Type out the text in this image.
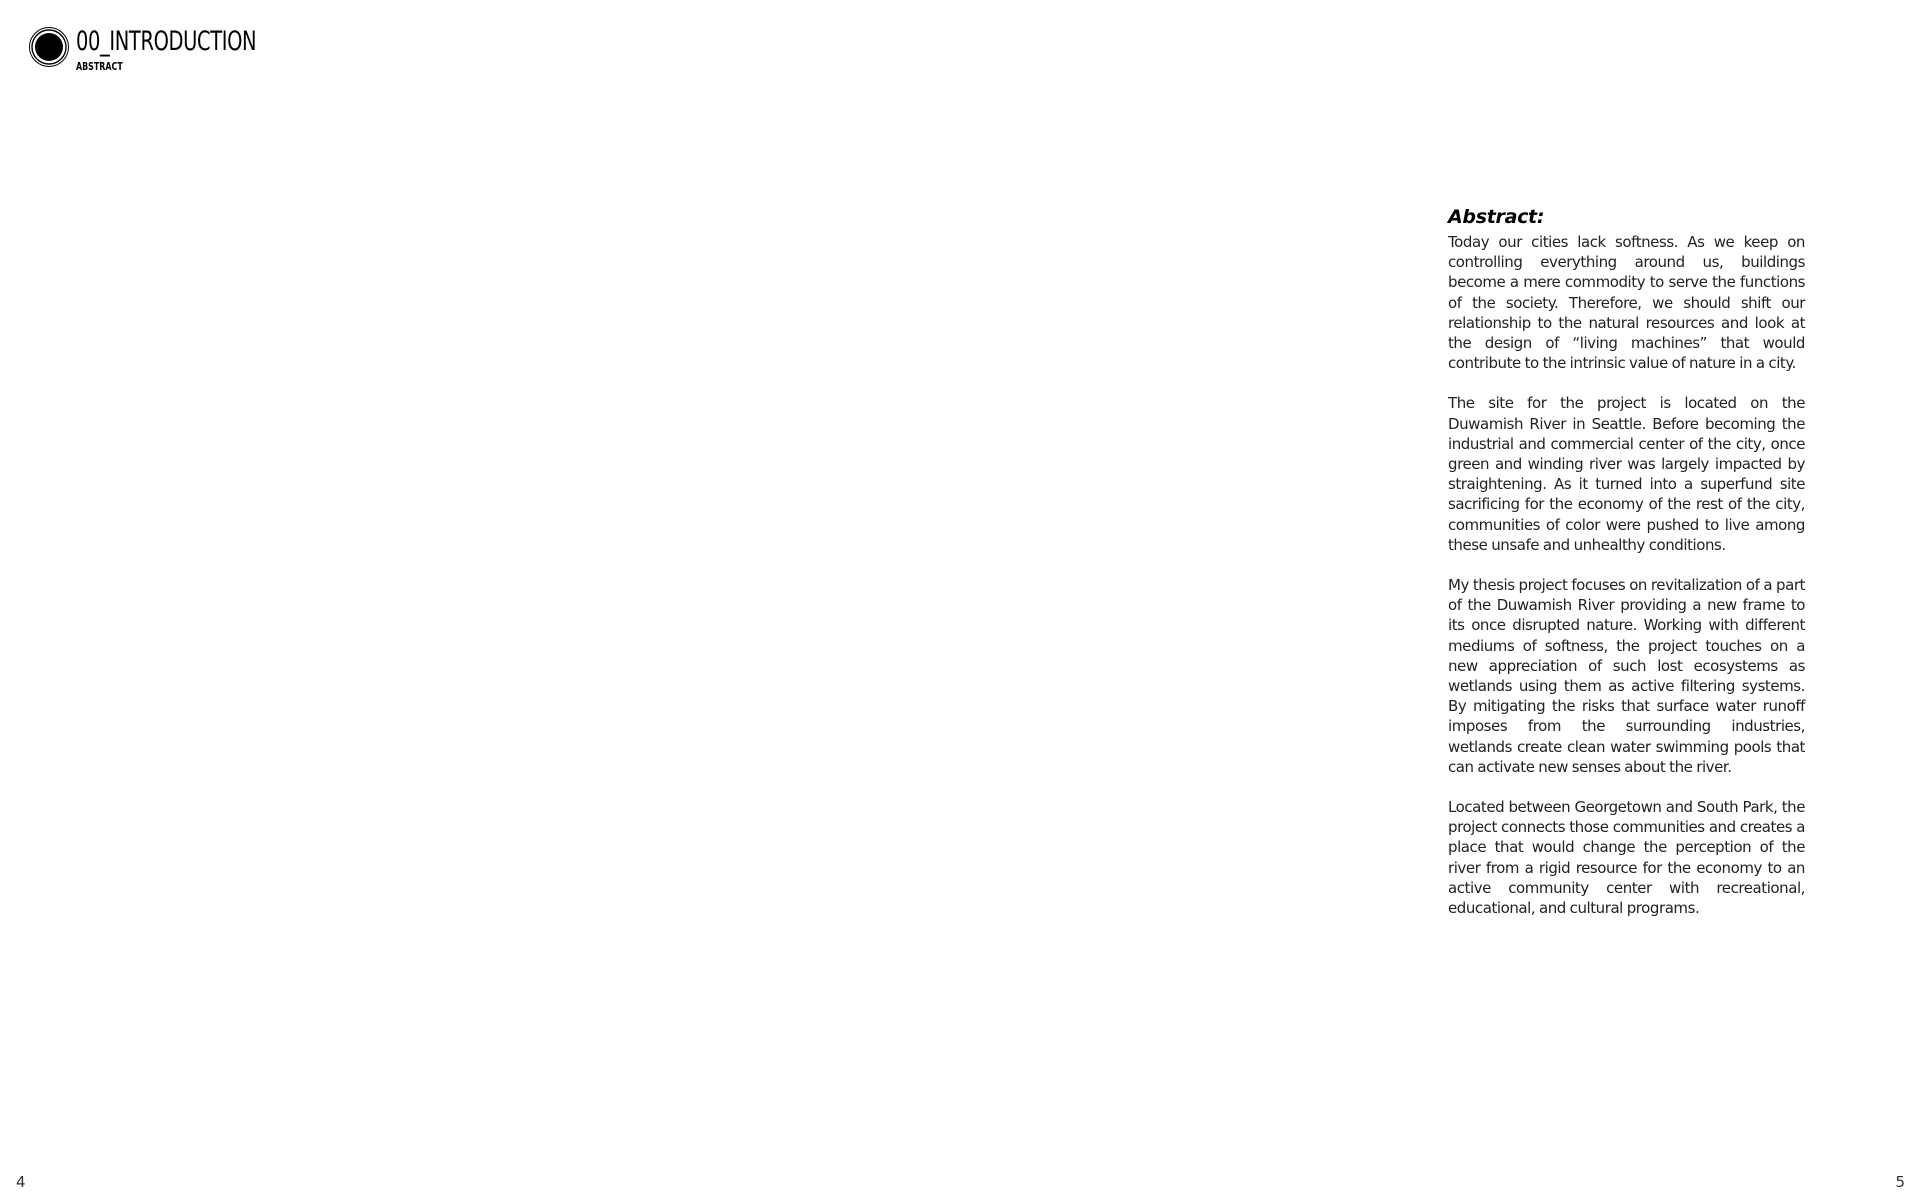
00_INTRODUCTION
ABSTRACT
Abstract:

Today our cities lack softness. As we keep on controlling everything around us, buildings become a mere commodity to serve the functions of the society. Therefore, we should shift our relationship to the natural resources and look at the design of “living machines” that would contribute to the intrinsic value of nature in a city.

The site for the project is located on the Duwamish River in Seattle. Before becoming the industrial and commercial center of the city, once green and winding river was largely impacted by straightening. As it turned into a superfund site sacrificing for the economy of the rest of the city, communities of color were pushed to live among these unsafe and unhealthy conditions.

My thesis project focuses on revitalization of a part of the Duwamish River providing a new frame to its once disrupted nature. Working with different mediums of softness, the project touches on a new appreciation of such lost ecosystems as wetlands using them as active filtering systems. By mitigating the risks that surface water runoff imposes from the surrounding industries, wetlands create clean water swimming pools that can activate new senses about the river.

Located between Georgetown and South Park, the project connects those communities and creates a place that would change the perception of the river from a rigid resource for the economy to an active community center with recreational, educational, and cultural programs.

4	5
